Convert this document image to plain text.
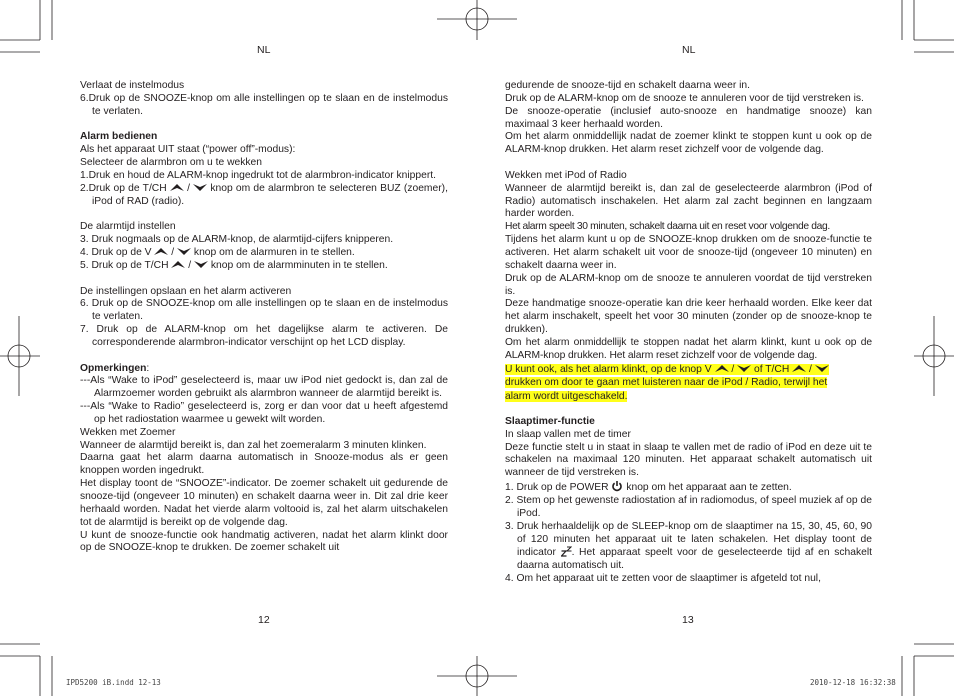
NL	NL

Verlaat de instelmodus

6.Druk op de SNOOZE-knop om alle instellingen op te slaan en de instelmodus te verlaten.

Alarm bedienen

Als het apparaat UIT staat (“power off”-modus):

Selecteer de alarmbron om u te wekken

1.Druk en houd de ALARM-knop ingedrukt tot de alarmbron-indicator knippert.

2.Druk op de T/CH / knop om de alarmbron te selecteren BUZ (zoemer), iPod of RAD (radio).

De alarmtijd instellen

3. Druk nogmaals op de ALARM-knop, de alarmtijd-cijfers knipperen.

4. Druk op de V / knop om de alarmuren in te stellen.

5. Druk op de T/CH / knop om de alarmminuten in te stellen.

De instellingen opslaan en het alarm activeren

6. Druk op de SNOOZE-knop om alle instellingen op te slaan en de instelmodus te verlaten.

7. Druk op de ALARM-knop om het dagelijkse alarm te activeren. De corresponderende alarmbron-indicator verschijnt op het LCD display.

Opmerkingen:

---Als “Wake to iPod” geselecteerd is, maar uw iPod niet gedockt is, dan zal de Alarmzoemer worden gebruikt als alarmbron wanneer de alarmtijd bereikt is.

---Als “Wake to Radio” geselecteerd is, zorg er dan voor dat u heeft afgestemd op het radiostation waarmee u gewekt wilt worden.

Wekken met Zoemer

Wanneer de alarmtijd bereikt is, dan zal het zoemeralarm 3 minuten klinken.

Daarna gaat het alarm daarna automatisch in Snooze-modus als er geen knoppen worden ingedrukt.

Het display toont de “SNOOZE”-indicator. De zoemer schakelt uit gedurende de snooze-tijd (ongeveer 10 minuten) en schakelt daarna weer in. Dit zal drie keer herhaald worden. Nadat het vierde alarm voltooid is, zal het alarm uitschakelen tot de alarmtijd is bereikt op de volgende dag.

U kunt de snooze-functie ook handmatig activeren, nadat het alarm klinkt door op de SNOOZE-knop te drukken. De zoemer schakelt uit

gedurende de snooze-tijd en schakelt daarna weer in.

Druk op de ALARM-knop om de snooze te annuleren voor de tijd verstreken is.

De snooze-operatie (inclusief auto-snooze en handmatige snooze) kan maximaal 3 keer herhaald worden.

Om het alarm onmiddellijk nadat de zoemer klinkt te stoppen kunt u ook op de ALARM-knop drukken. Het alarm reset zichzelf voor de volgende dag.

Wekken met iPod of Radio

Wanneer de alarmtijd bereikt is, dan zal de geselecteerde alarmbron (iPod of Radio) automatisch inschakelen. Het alarm zal zacht beginnen en langzaam harder worden.

Het alarm speelt 30 minuten, schakelt daarna uit en reset voor volgende dag.

Tijdens het alarm kunt u op de SNOOZE-knop drukken om de snooze-functie te activeren. Het alarm schakelt uit voor de snooze-tijd (ongeveer 10 minuten) en schakelt daarna weer in.

Druk op de ALARM-knop om de snooze te annuleren voordat de tijd verstreken is.

Deze handmatige snooze-operatie kan drie keer herhaald worden. Elke keer dat het alarm inschakelt, speelt het voor 30 minuten (zonder op de snooze-knop te drukken).

Om het alarm onmiddellijk te stoppen nadat het alarm klinkt, kunt u ook op de ALARM-knop drukken. Het alarm reset zichzelf voor de volgende dag.

U kunt ook, als het alarm klinkt, op de knop V / of T/CH /

drukken om door te gaan met luisteren naar de iPod / Radio, terwijl het

alarm wordt uitgeschakeld.

Slaaptimer-functie

In slaap vallen met de timer

Deze functie stelt u in staat in slaap te vallen met de radio of iPod en deze uit te schakelen na maximaal 120 minuten. Het apparaat schakelt automatisch uit wanneer de tijd verstreken is.

1. Druk op de POWER knop om het apparaat aan te zetten.

2. Stem op het gewenste radiostation af in radiomodus, of speel muziek af op de iPod.

3. Druk herhaaldelijk op de SLEEP-knop om de slaaptimer na 15, 30, 45, 60, 90 of 120 minuten het apparaat uit te laten schakelen. Het display toont de indicator . Het apparaat speelt voor de geselecteerde tijd af en schakelt daarna automatisch uit.

4. Om het apparaat uit te zetten voor de slaaptimer is afgeteld tot nul,

12	13
IPD5200 iB.indd 12-13	2010-12-18 16:32:38
